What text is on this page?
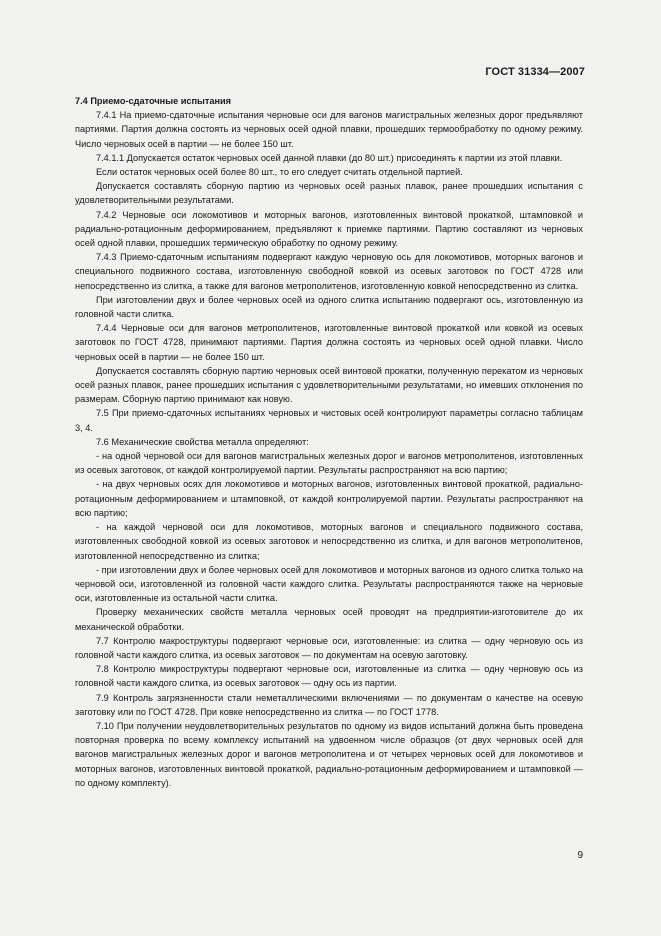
ГОСТ 31334—2007

7.4 Приемо-сдаточные испытания

7.4.1 На приемо-сдаточные испытания черновые оси для вагонов магистральных железных дорог предъявляют партиями. Партия должна состоять из черновых осей одной плавки, прошедших термообработку по одному режиму. Число черновых осей в партии — не более 150 шт.

7.4.1.1 Допускается остаток черновых осей данной плавки (до 80 шт.) присоединять к партии из этой плавки.

Если остаток черновых осей более 80 шт., то его следует считать отдельной партией.

Допускается составлять сборную партию из черновых осей разных плавок, ранее прошедших испытания с удовлетворительными результатами.

7.4.2 Черновые оси локомотивов и моторных вагонов, изготовленных винтовой прокаткой, штамповкой и радиально-ротационным деформированием, предъявляют к приемке партиями. Партию составляют из черновых осей одной плавки, прошедших термическую обработку по одному режиму.

7.4.3 Приемо-сдаточным испытаниям подвергают каждую черновую ось для локомотивов, моторных вагонов и специального подвижного состава, изготовленную свободной ковкой из осевых заготовок по ГОСТ 4728 или непосредственно из слитка, а также для вагонов метрополитенов, изготовленную ковкой непосредственно из слитка.

При изготовлении двух и более черновых осей из одного слитка испытанию подвергают ось, изготовленную из головной части слитка.

7.4.4 Черновые оси для вагонов метрополитенов, изготовленные винтовой прокаткой или ковкой из осевых заготовок по ГОСТ 4728, принимают партиями. Партия должна состоять из черновых осей одной плавки. Число черновых осей в партии — не более 150 шт.

Допускается составлять сборную партию черновых осей винтовой прокатки, полученную перекатом из черновых осей разных плавок, ранее прошедших испытания с удовлетворительными результатами, но имевших отклонения по размерам. Сборную партию принимают как новую.

7.5 При приемо-сдаточных испытаниях черновых и чистовых осей контролируют параметры согласно таблицам 3, 4.

7.6 Механические свойства металла определяют:

- на одной черновой оси для вагонов магистральных железных дорог и вагонов метрополитенов, изготовленных из осевых заготовок, от каждой контролируемой партии. Результаты распространяют на всю партию;

- на двух черновых осях для локомотивов и моторных вагонов, изготовленных винтовой прокаткой, радиально-ротационным деформированием и штамповкой, от каждой контролируемой партии. Результаты распространяют на всю партию;

- на каждой черновой оси для локомотивов, моторных вагонов и специального подвижного состава, изготовленных свободной ковкой из осевых заготовок и непосредственно из слитка, и для вагонов метрополитенов, изготовленной непосредственно из слитка;

- при изготовлении двух и более черновых осей для локомотивов и моторных вагонов из одного слитка только на черновой оси, изготовленной из головной части каждого слитка. Результаты распространяются также на черновые оси, изготовленные из остальной части слитка.

Проверку механических свойств металла черновых осей проводят на предприятии-изготовителе до их механической обработки.

7.7 Контролю макроструктуры подвергают черновые оси, изготовленные: из слитка — одну черновую ось из головной части каждого слитка, из осевых заготовок — по документам на осевую заготовку.

7.8 Контролю микроструктуры подвергают черновые оси, изготовленные из слитка — одну черновую ось из головной части каждого слитка, из осевых заготовок — одну ось из партии.

7.9 Контроль загрязненности стали неметаллическими включениями — по документам о качестве на осевую заготовку или по ГОСТ 4728. При ковке непосредственно из слитка — по ГОСТ 1778.

7.10 При получении неудовлетворительных результатов по одному из видов испытаний должна быть проведена повторная проверка по всему комплексу испытаний на удвоенном числе образцов (от двух черновых осей для вагонов магистральных железных дорог и вагонов метрополитена и от четырех черновых осей для локомотивов и моторных вагонов, изготовленных винтовой прокаткой, радиально-ротационным деформированием и штамповкой — по одному комплекту).

9
